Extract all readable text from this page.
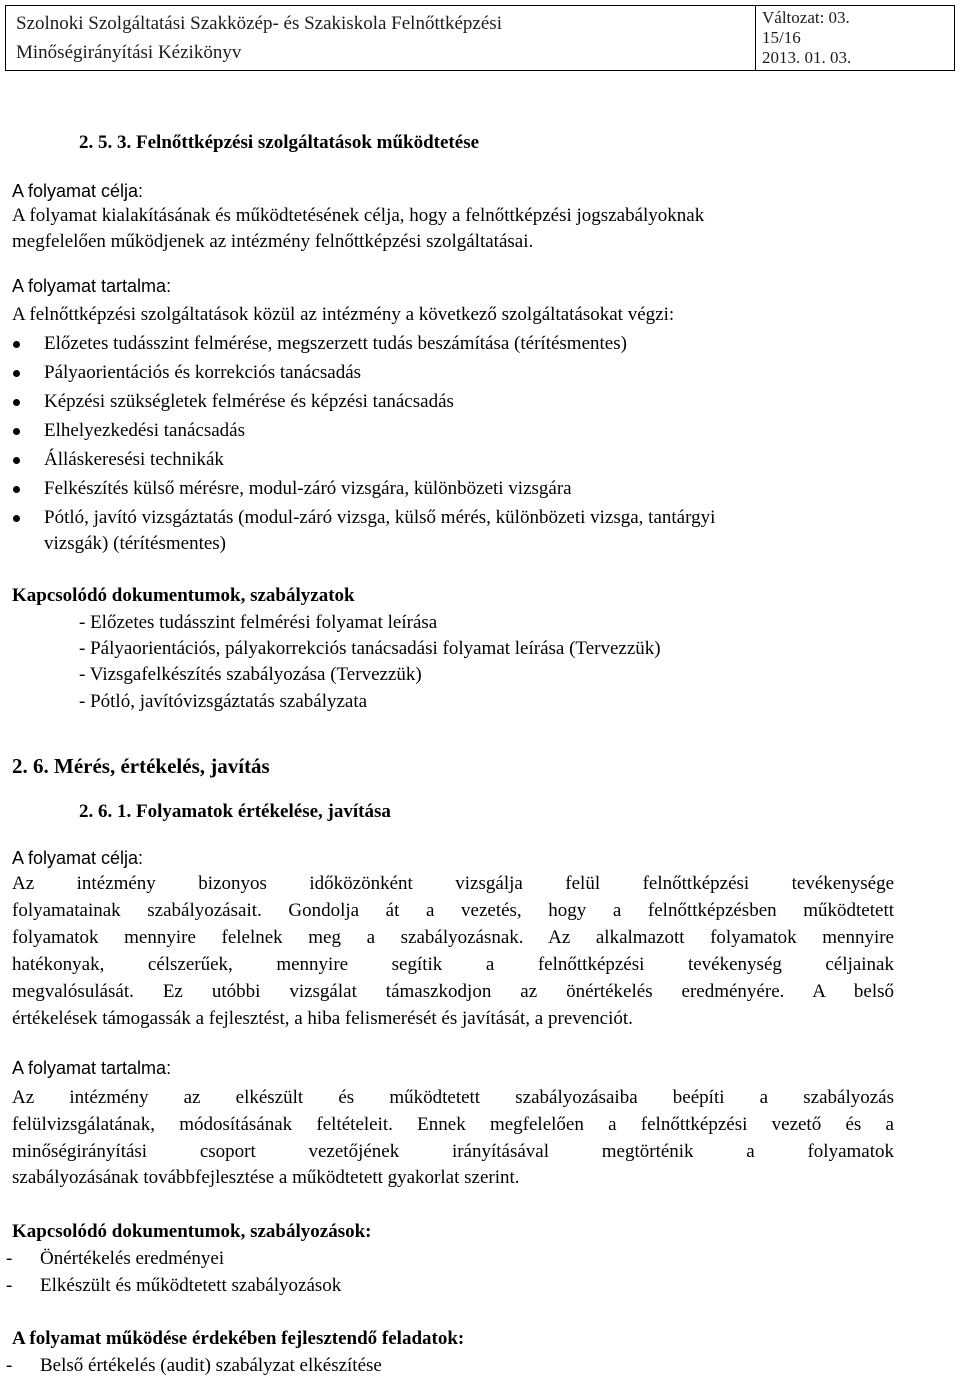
Szolnoki Szolgáltatási Szakközép- és Szakiskola Felnőttképzési
Minőségirányítási Kézikönyv
Változat: 03.
15/16
2013. 01. 03.
2. 5. 3. Felnőttképzési szolgáltatások működtetése
A folyamat célja:
A folyamat kialakításának és működtetésének célja, hogy a felnőttképzési jogszabályoknak
megfelelően működjenek az intézmény felnőttképzési szolgáltatásai.
A folyamat tartalma:
A felnőttképzési szolgáltatások közül az intézmény a következő szolgáltatásokat végzi:
Előzetes tudásszint felmérése, megszerzett tudás beszámítása (térítésmentes)
Pályaorientációs és korrekciós tanácsadás
Képzési szükségletek felmérése és képzési tanácsadás
Elhelyezkedési tanácsadás
Álláskeresési technikák
Felkészítés külső mérésre, modul-záró vizsgára, különbözeti vizsgára
Pótló, javító vizsgáztatás (modul-záró vizsga, külső mérés, különbözeti vizsga, tantárgyi
vizsgák) (térítésmentes)
Kapcsolódó dokumentumok, szabályzatok
- Előzetes tudásszint felmérési folyamat leírása
- Pályaorientációs, pályakorrekciós tanácsadási folyamat leírása (Tervezzük)
- Vizsgafelkészítés szabályozása (Tervezzük)
- Pótló, javítóvizsgáztatás szabályzata
2. 6. Mérés, értékelés, javítás
2. 6. 1. Folyamatok értékelése, javítása
A folyamat célja:
Az intézmény bizonyos időközönként vizsgálja felül felnőttképzési tevékenysége
folyamatainak szabályozásait. Gondolja át a vezetés, hogy a felnőttképzésben működtetett
folyamatok mennyire felelnek meg a szabályozásnak. Az alkalmazott folyamatok mennyire
hatékonyak, célszerűek, mennyire segítik a felnőttképzési tevékenység céljainak
megvalósulását. Ez utóbbi vizsgálat támaszkodjon az önértékelés eredményére. A belső
értékelések támogassák a fejlesztést, a hiba felismerését és javítását, a prevenciót.
A folyamat tartalma:
Az intézmény az elkészült és működtetett szabályozásaiba beépíti a szabályozás
felülvizsgálatának, módosításának feltételeit. Ennek megfelelően a felnőttképzési vezető és a
minőségirányítási csoport vezetőjének irányításával megtörténik a folyamatok
szabályozásának továbbfejlesztése a működtetett gyakorlat szerint.
Kapcsolódó dokumentumok, szabályozások:
- Önértékelés eredményei
- Elkészült és működtetett szabályozások
A folyamat működése érdekében fejlesztendő feladatok:
- Belső értékelés (audit) szabályzat elkészítése
